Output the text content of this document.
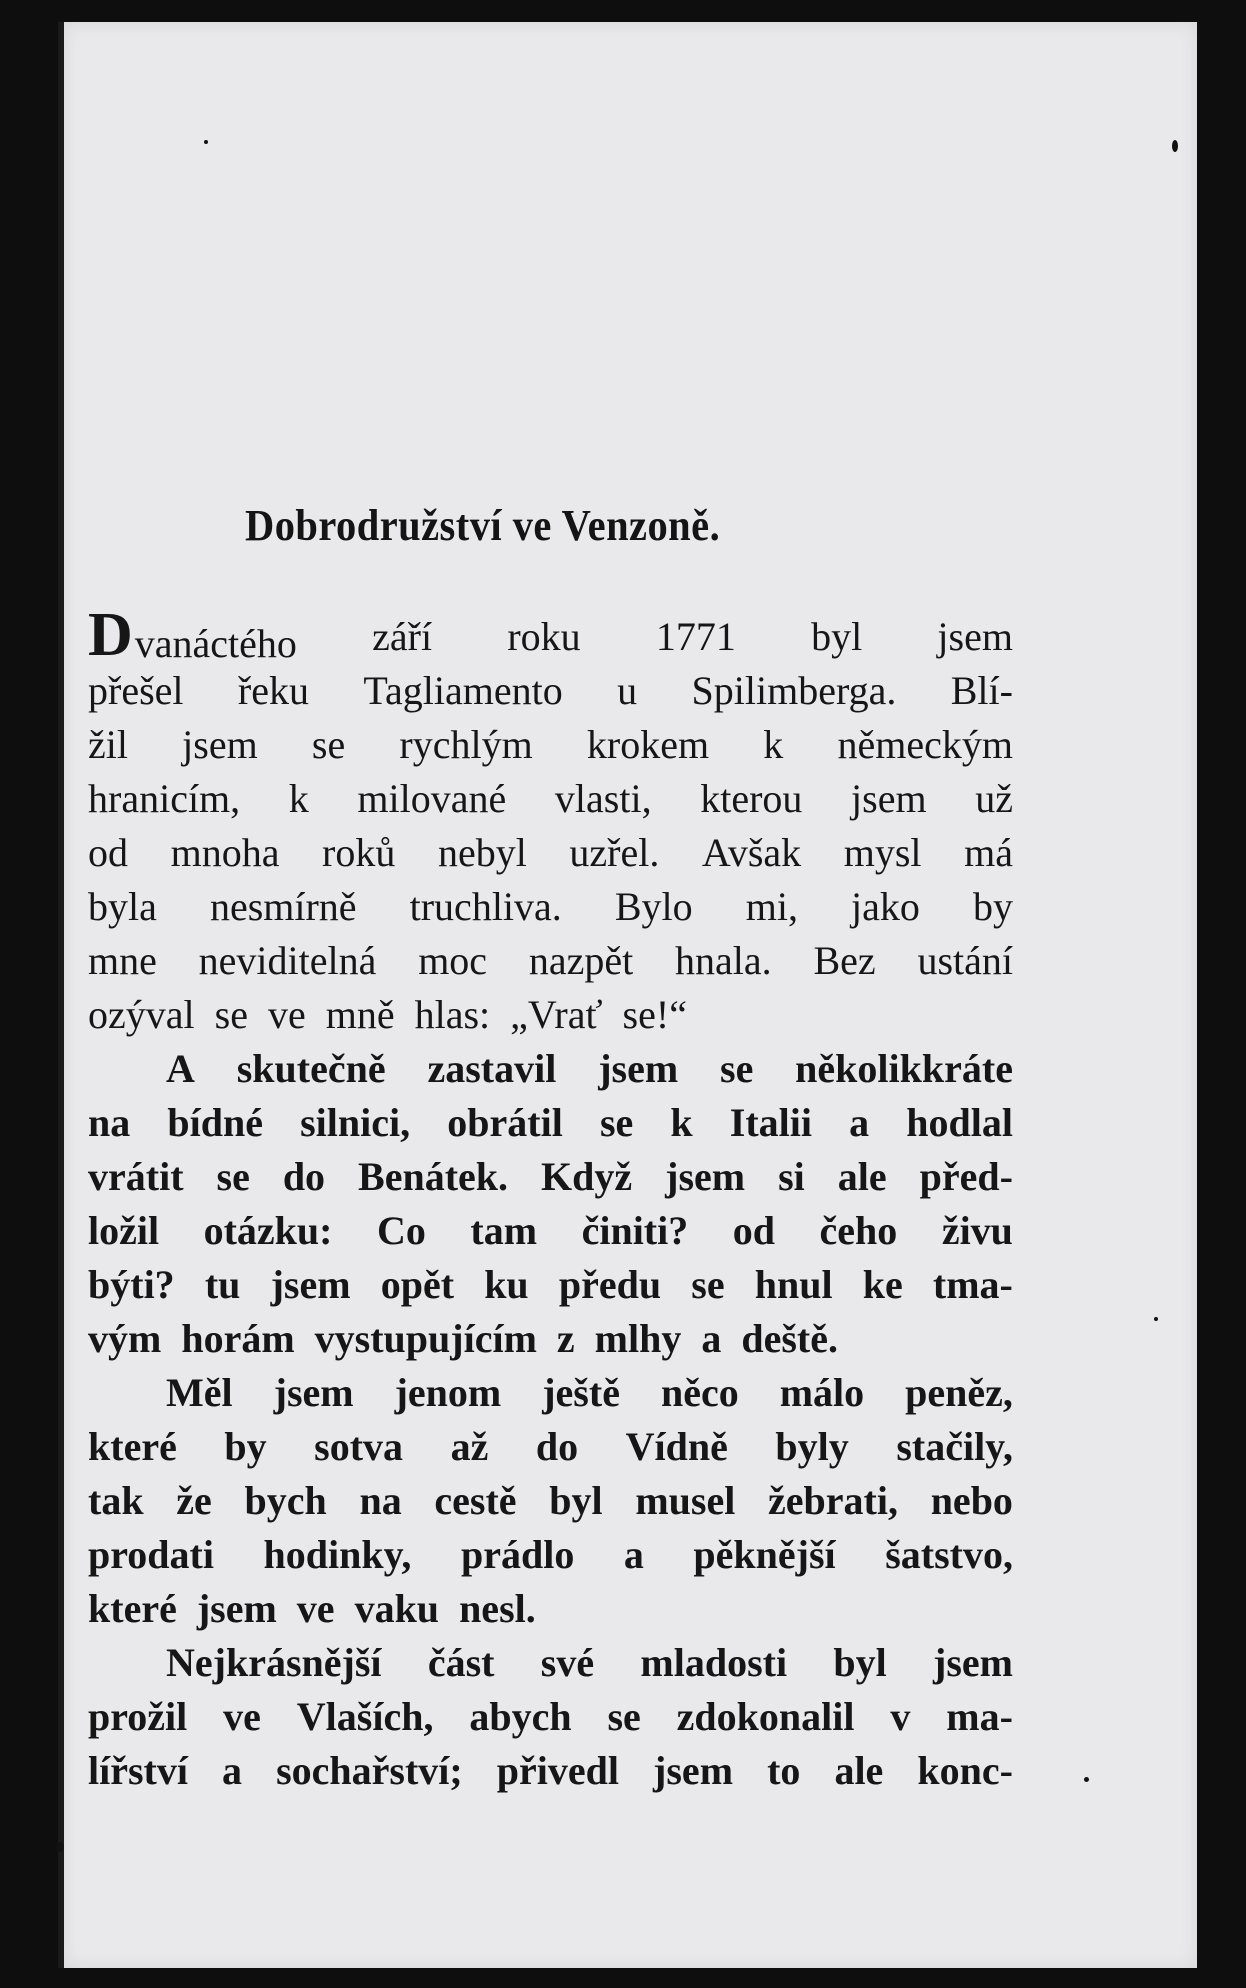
Dobrodružství ve Venzoně.
Dvanáctého září roku 1771 byl jsem
přešel řeku Tagliamento u Spilimberga. Blí-
žil jsem se rychlým krokem k německým
hranicím, k milované vlasti, kterou jsem už
od mnoha roků nebyl uzřel. Avšak mysl má
byla nesmírně truchliva. Bylo mi, jako by
mne neviditelná moc nazpět hnala. Bez ustání
ozýval se ve mně hlas: „Vrať se!“
A skutečně zastavil jsem se několikkráte
na bídné silnici, obrátil se k Italii a hodlal
vrátit se do Benátek. Když jsem si ale před-
ložil otázku: Co tam činiti? od čeho živu
býti? tu jsem opět ku předu se hnul ke tma-
vým horám vystupujícím z mlhy a deště.
Měl jsem jenom ještě něco málo peněz,
které by sotva až do Vídně byly stačily,
tak že bych na cestě byl musel žebrati, nebo
prodati hodinky, prádlo a pěknější šatstvo,
které jsem ve vaku nesl.
Nejkrásnější část své mladosti byl jsem
prožil ve Vlaších, abych se zdokonalil v ma-
lířství a sochařství; přivedl jsem to ale konc-
